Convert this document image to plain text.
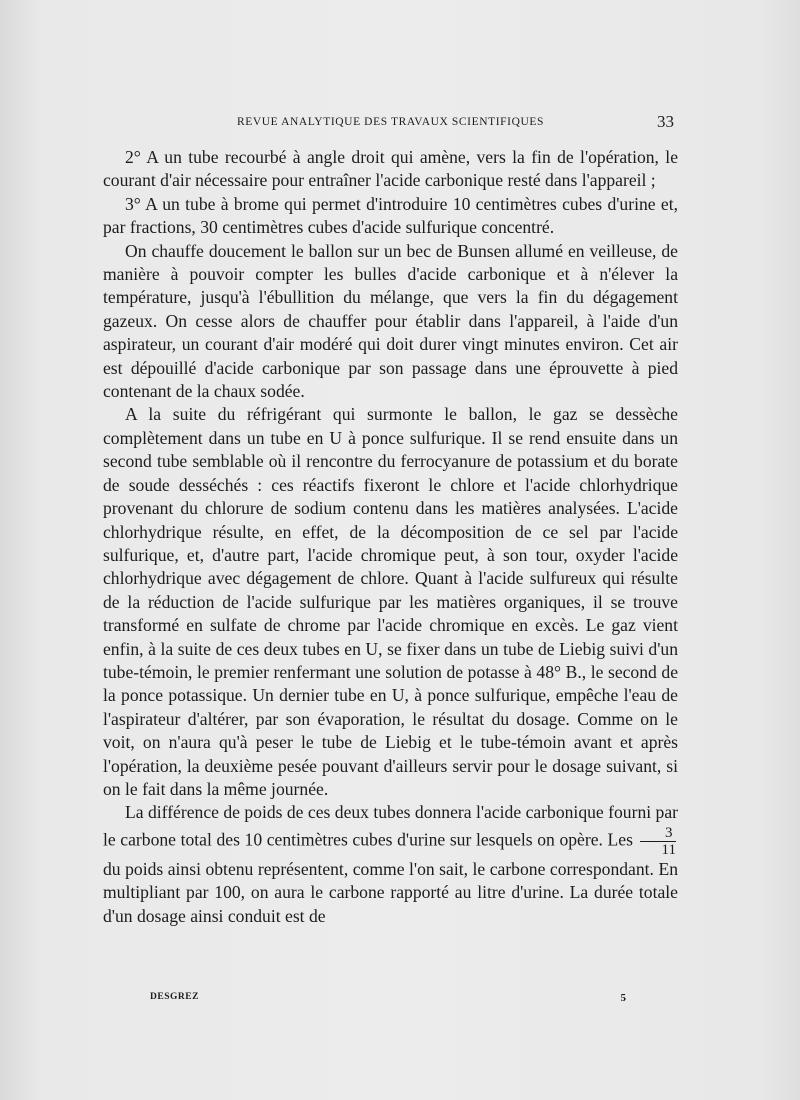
REVUE ANALYTIQUE DES TRAVAUX SCIENTIFIQUES	33

2° A un tube recourbé à angle droit qui amène, vers la fin de l'opération, le courant d'air nécessaire pour entraîner l'acide carbonique resté dans l'appareil ;

3° A un tube à brome qui permet d'introduire 10 centimètres cubes d'urine et, par fractions, 30 centimètres cubes d'acide sulfurique concentré.

On chauffe doucement le ballon sur un bec de Bunsen allumé en veilleuse, de manière à pouvoir compter les bulles d'acide carbonique et à n'élever la température, jusqu'à l'ébullition du mélange, que vers la fin du dégagement gazeux. On cesse alors de chauffer pour établir dans l'appareil, à l'aide d'un aspirateur, un courant d'air modéré qui doit durer vingt minutes environ. Cet air est dépouillé d'acide carbonique par son passage dans une éprouvette à pied contenant de la chaux sodée.

A la suite du réfrigérant qui surmonte le ballon, le gaz se dessèche complètement dans un tube en U à ponce sulfurique. Il se rend ensuite dans un second tube semblable où il rencontre du ferrocyanure de potassium et du borate de soude desséchés : ces réactifs fixeront le chlore et l'acide chlorhydrique provenant du chlorure de sodium contenu dans les matières analysées. L'acide chlorhydrique résulte, en effet, de la décomposition de ce sel par l'acide sulfurique, et, d'autre part, l'acide chromique peut, à son tour, oxyder l'acide chlorhydrique avec dégagement de chlore. Quant à l'acide sulfureux qui résulte de la réduction de l'acide sulfurique par les matières organiques, il se trouve transformé en sulfate de chrome par l'acide chromique en excès. Le gaz vient enfin, à la suite de ces deux tubes en U, se fixer dans un tube de Liebig suivi d'un tube-témoin, le premier renfermant une solution de potasse à 48° B., le second de la ponce potassique. Un dernier tube en U, à ponce sulfurique, empêche l'eau de l'aspirateur d'altérer, par son évaporation, le résultat du dosage. Comme on le voit, on n'aura qu'à peser le tube de Liebig et le tube-témoin avant et après l'opération, la deuxième pesée pouvant d'ailleurs servir pour le dosage suivant, si on le fait dans la même journée.

La différence de poids de ces deux tubes donnera l'acide carbonique fourni par le carbone total des 10 centimètres cubes d'urine sur lesquels on opère. Les $\frac{3}{11}$
du poids ainsi obtenu représentent, comme l'on sait, le carbone correspondant. En multipliant par 100, on aura le carbone rapporté au litre d'urine. La durée totale d'un dosage ainsi conduit est de

DESGREZ	5
